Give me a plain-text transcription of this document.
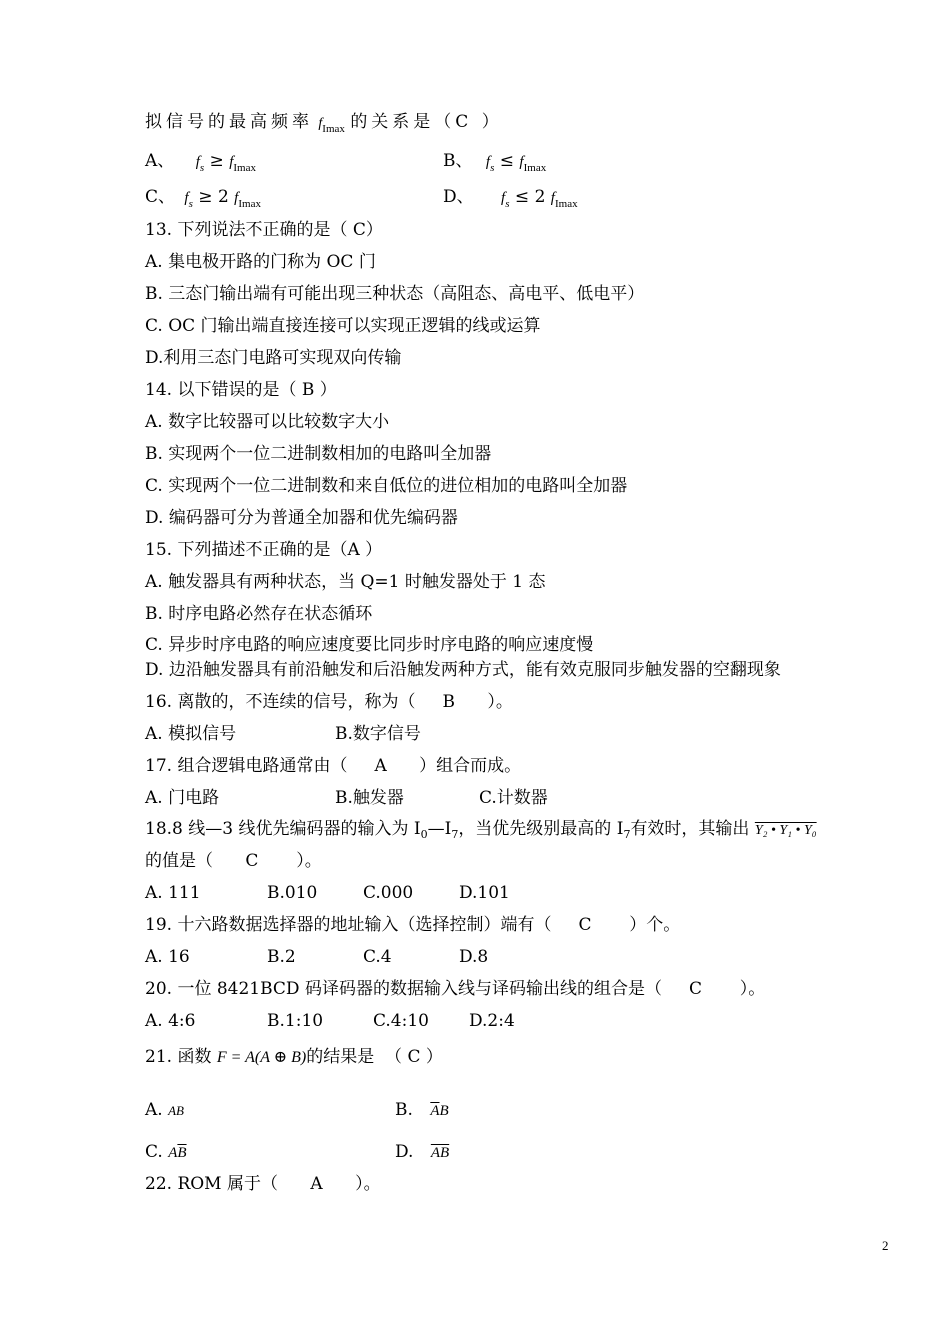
拟信号的最高频率 $f_{Imax}$ 的关系是（C ）
A、 $f_s \ge f_{Imax}$	B、 $f_s \le f_{Imax}$
C、 $f_s \ge 2$ $f_{Imax}$	D、 $f_s \le 2$ $f_{Imax}$
13. 下列说法不正确的是（ C）
A. 集电极开路的门称为 OC 门
B. 三态门输出端有可能出现三种状态（高阻态、高电平、低电平）
C. OC 门输出端直接连接可以实现正逻辑的线或运算
D.利用三态门电路可实现双向传输
14. 以下错误的是（ B ）
A. 数字比较器可以比较数字大小
B. 实现两个一位二进制数相加的电路叫全加器
C. 实现两个一位二进制数和来自低位的进位相加的电路叫全加器
D. 编码器可分为普通全加器和优先编码器
15. 下列描述不正确的是（A ）
A. 触发器具有两种状态，当 Q=1 时触发器处于 1 态
B. 时序电路必然存在状态循环
C. 异步时序电路的响应速度要比同步时序电路的响应速度慢
D. 边沿触发器具有前沿触发和后沿触发两种方式，能有效克服同步触发器的空翻现象
16. 离散的，不连续的信号，称为（     B      ）。
A. 模拟信号	B.数字信号
17. 组合逻辑电路通常由（     A      ）组合而成。
A. 门电路	B.触发器	C.计数器
18.8 线—3 线优先编码器的输入为 $I_0—I_7$，当优先级别最高的 $I_7$有效时，其输出 Y₂ • Y₁ • Y₀
的值是（      C       ）。
A. 111	B.010	C.000	D.101
19. 十六路数据选择器的地址输入（选择控制）端有（     C       ）个。
A. 16	B.2	C.4	D.8
20. 一位 8421BCD 码译码器的数据输入线与译码输出线的组合是（     C       ）。
A. 4:6	B.1:10	C.4:10 D.2:4
21. 函数 F = A(A ⊕ B)的结果是  （ C ）
A. AB	B. $\overline{A}B$
C. $A\overline{B}$	D. $\overline{A}\overline{B}$
22. ROM 属于（      A      ）。
2
